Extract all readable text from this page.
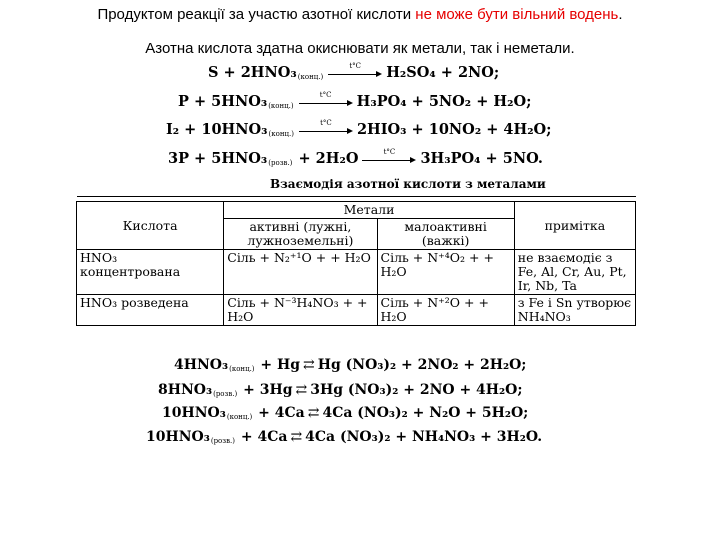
Продуктом реакції за участю азотної кислоти не може бути вільний водень.
Азотна кислота здатна окиснювати як метали, так і неметали.
S + 2HNO₃(конц.)
t°C	H₂SO₄ + 2NO;
P + 5HNO₃(конц.)
t°C	H₃PO₄ + 5NO₂ + H₂O;
I₂ + 10HNO₃(конц.)
t°C	2HIO₃ + 10NO₂ + 4H₂O;
3P + 5HNO₃(розв.) + 2H₂O	t°C	3H₃PO₄ + 5NO.
Взаємодія азотної кислоти з металами

Кислота	Метали		примітка
	активні (лужні, лужноземельні)	малоактивні (важкі)	
HNO₃ концентрована	Сіль + N₂⁺¹O + + H₂O	Сіль + N⁺⁴O₂ + + H₂O	не взаємодіє з Fe, Al, Cr, Au, Pt, Ir, Nb, Ta
HNO₃ розведена	Сіль + N⁻³H₄NO₃ + + H₂O	Сіль + N⁺²O + + H₂O	з Fe і Sn утворює NH₄NO₃
4HNO₃(конц.) + Hg ⇄ Hg (NO₃)₂ + 2NO₂ + 2H₂O;
8HNO₃(розв.) + 3Hg ⇄ 3Hg (NO₃)₂ + 2NO + 4H₂O;
10HNO₃(конц.) + 4Ca ⇄ 4Ca (NO₃)₂ + N₂O + 5H₂O;
10HNO₃(розв.) + 4Ca ⇄ 4Ca (NO₃)₂ + NH₄NO₃ + 3H₂O.
